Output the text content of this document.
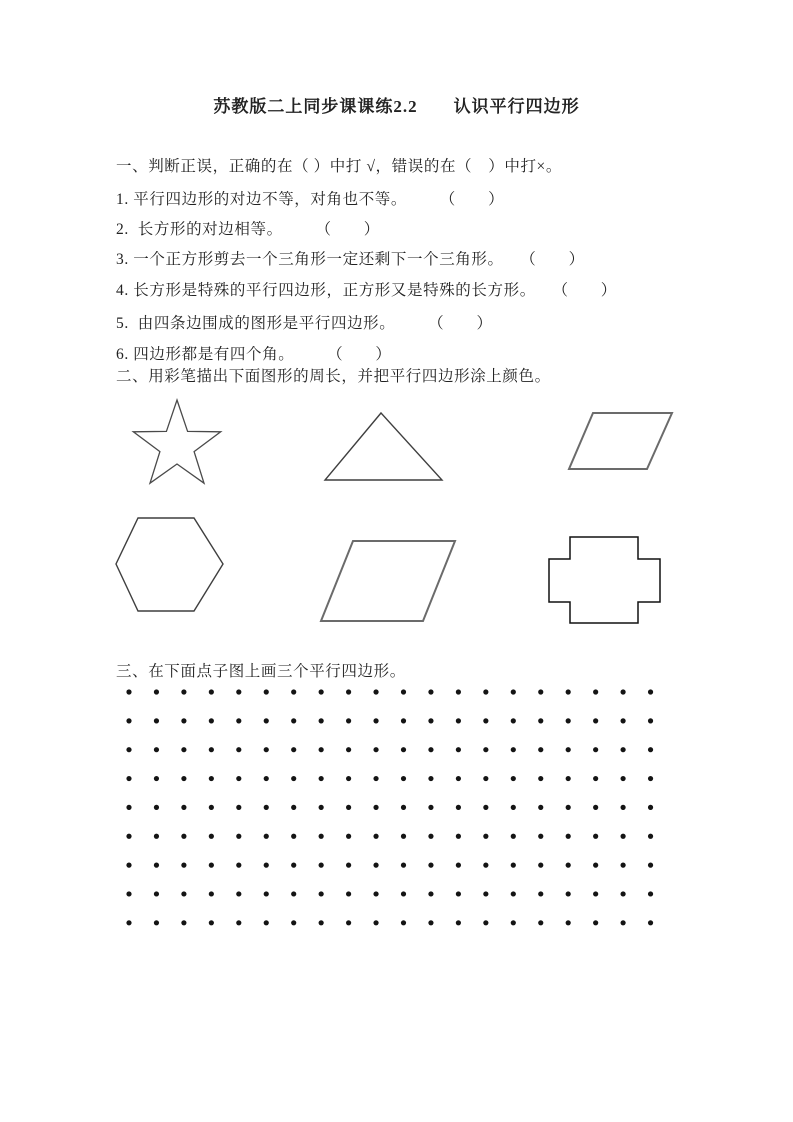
苏教版二上同步课课练2.2　　认识平行四边形
一、判断正误，正确的在（ ）中打 √，错误的在（　）中打×。
1. 平行四边形的对边不等，对角也不等。　　　（　　）
2.  长方形的对边相等。　　　（　　）
3. 一个正方形剪去一个三角形一定还剩下一个三角形。　　（　　）
4. 长方形是特殊的平行四边形，正方形又是特殊的长方形。　　（　　）
5.  由四条边围成的图形是平行四边形。　　　（　　）
6. 四边形都是有四个角。　　　（　　）
二、用彩笔描出下面图形的周长，并把平行四边形涂上颜色。
三、在下面点子图上画三个平行四边形。
